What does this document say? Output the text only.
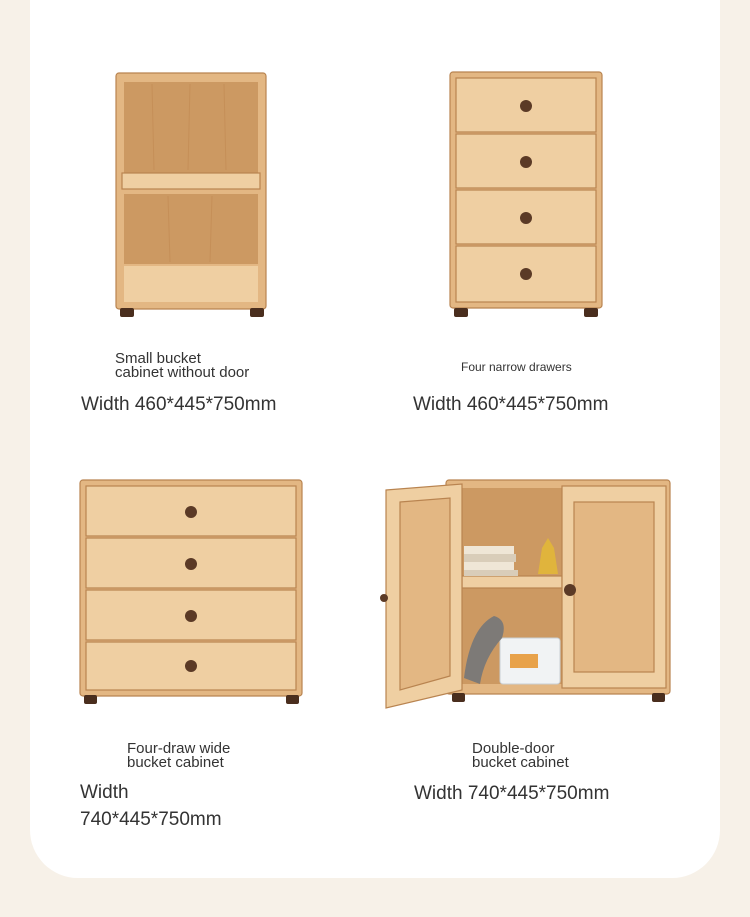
Small bucket
cabinet without door
Width 460*445*750mm
Four narrow drawers
Width 460*445*750mm
Four-draw wide
bucket cabinet
Width
740*445*750mm
Double-door
bucket cabinet
Width 740*445*750mm
